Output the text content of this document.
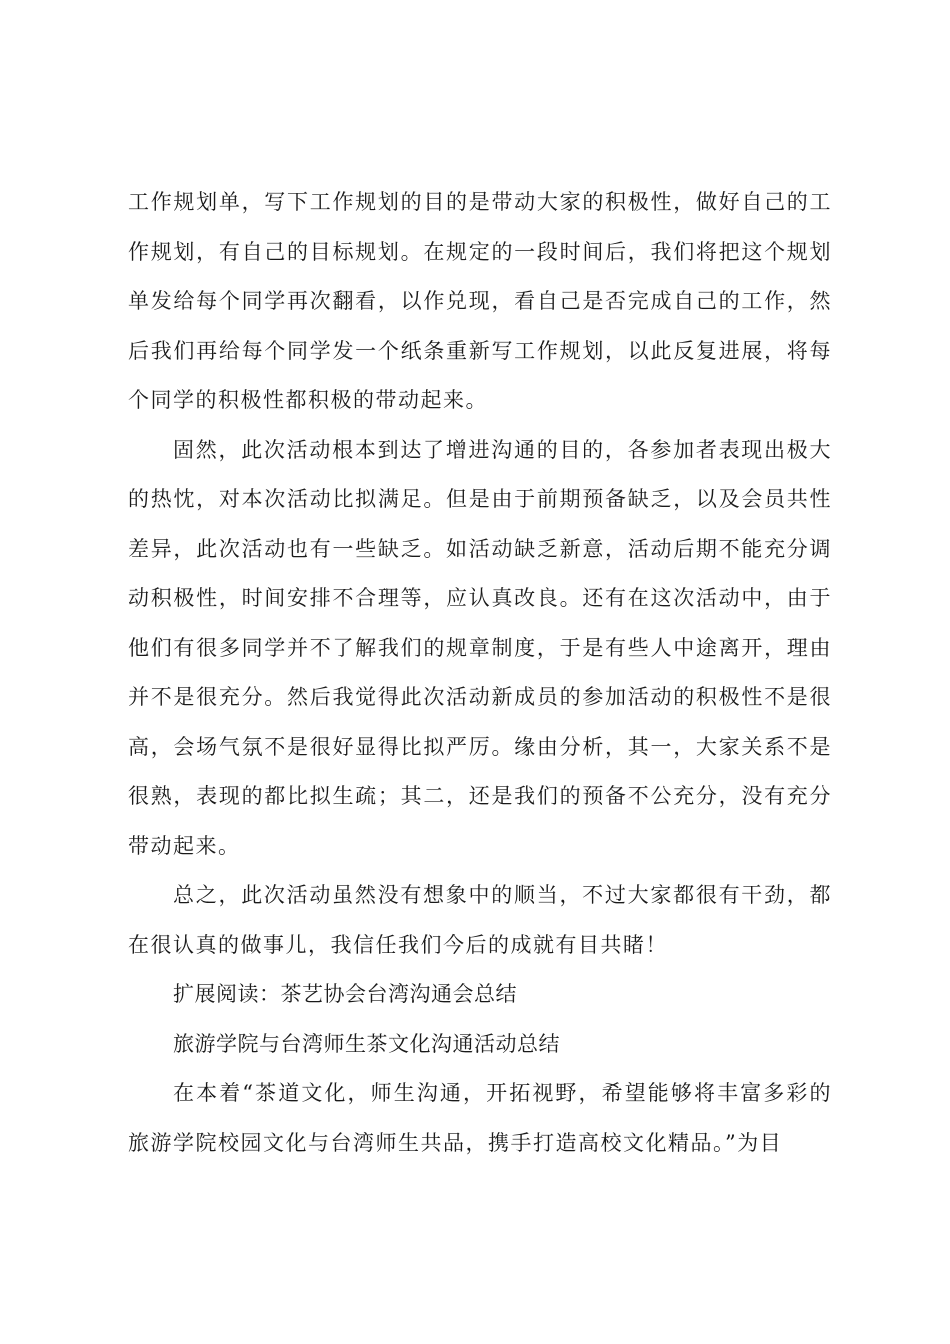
工作规划单，写下工作规划的目的是带动大家的积极性，做好自己的工作规划，有自己的目标规划。在规定的一段时间后，我们将把这个规划单发给每个同学再次翻看，以作兑现，看自己是否完成自己的工作，然后我们再给每个同学发一个纸条重新写工作规划，以此反复进展，将每个同学的积极性都积极的带动起来。

固然，此次活动根本到达了增进沟通的目的，各参加者表现出极大的热忱，对本次活动比拟满足。但是由于前期预备缺乏，以及会员共性差异，此次活动也有一些缺乏。如活动缺乏新意，活动后期不能充分调动积极性，时间安排不合理等，应认真改良。还有在这次活动中，由于他们有很多同学并不了解我们的规章制度，于是有些人中途离开，理由并不是很充分。然后我觉得此次活动新成员的参加活动的积极性不是很高，会场气氛不是很好显得比拟严厉。缘由分析，其一，大家关系不是很熟，表现的都比拟生疏；其二，还是我们的预备不公充分，没有充分带动起来。

总之，此次活动虽然没有想象中的顺当，不过大家都很有干劲，都在很认真的做事儿，我信任我们今后的成就有目共睹！

扩展阅读：茶艺协会台湾沟通会总结

旅游学院与台湾师生茶文化沟通活动总结

在本着“茶道文化，师生沟通，开拓视野，希望能够将丰富多彩的旅游学院校园文化与台湾师生共品，携手打造高校文化精品。”为目
